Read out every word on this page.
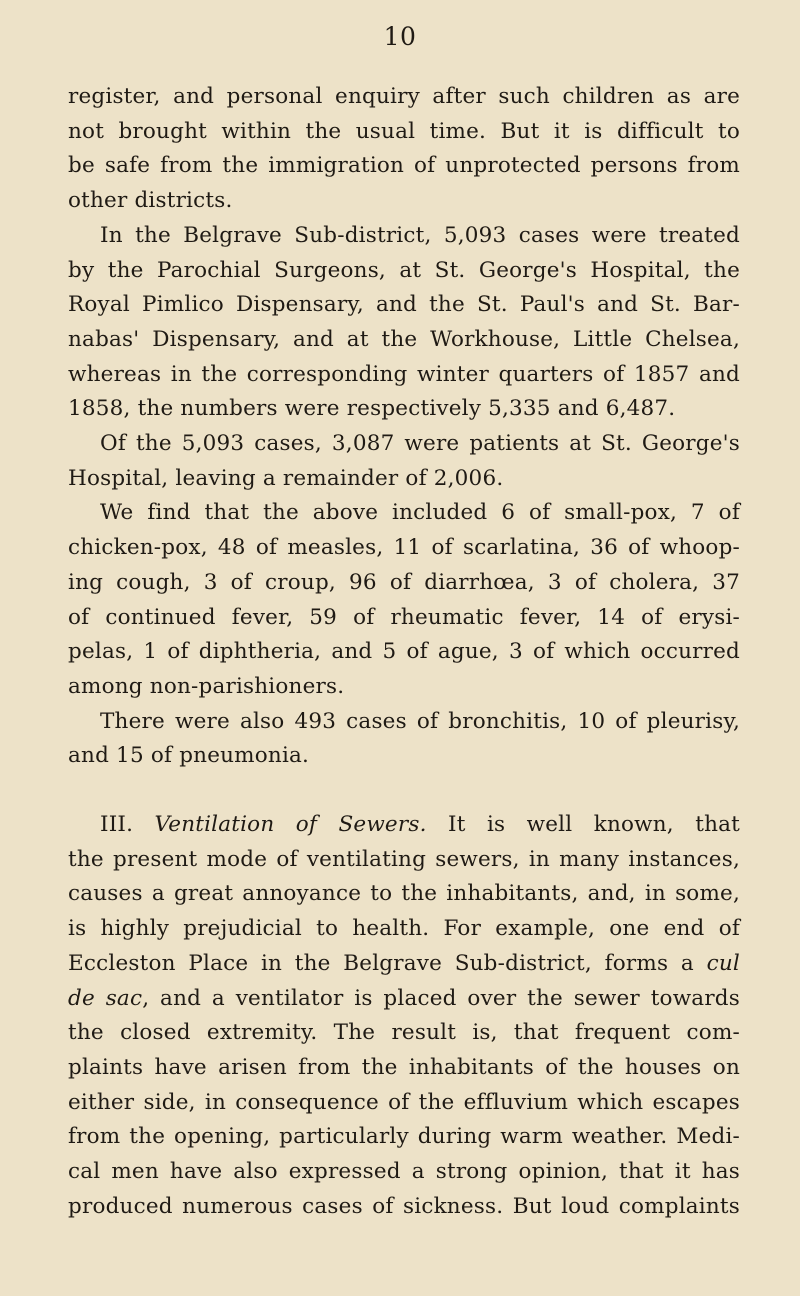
10
register, and personal enquiry after such children as are
not brought within the usual time. But it is difficult to
be safe from the immigration of unprotected persons from
other districts.
In the Belgrave Sub-district, 5,093 cases were treated
by the Parochial Surgeons, at St. George's Hospital, the
Royal Pimlico Dispensary, and the St. Paul's and St. Bar-
nabas' Dispensary, and at the Workhouse, Little Chelsea,
whereas in the corresponding winter quarters of 1857 and
1858, the numbers were respectively 5,335 and 6,487.
Of the 5,093 cases, 3,087 were patients at St. George's
Hospital, leaving a remainder of 2,006.
We find that the above included 6 of small-pox, 7 of
chicken-pox, 48 of measles, 11 of scarlatina, 36 of whoop-
ing cough, 3 of croup, 96 of diarrhœa, 3 of cholera, 37
of continued fever, 59 of rheumatic fever, 14 of erysi-
pelas, 1 of diphtheria, and 5 of ague, 3 of which occurred
among non-parishioners.
There were also 493 cases of bronchitis, 10 of pleurisy,
and 15 of pneumonia.
III. Ventilation of Sewers. It is well known, that
the present mode of ventilating sewers, in many instances,
causes a great annoyance to the inhabitants, and, in some,
is highly prejudicial to health. For example, one end of
Eccleston Place in the Belgrave Sub-district, forms a cul
de sac, and a ventilator is placed over the sewer towards
the closed extremity. The result is, that frequent com-
plaints have arisen from the inhabitants of the houses on
either side, in consequence of the effluvium which escapes
from the opening, particularly during warm weather. Medi-
cal men have also expressed a strong opinion, that it has
produced numerous cases of sickness. But loud complaints
